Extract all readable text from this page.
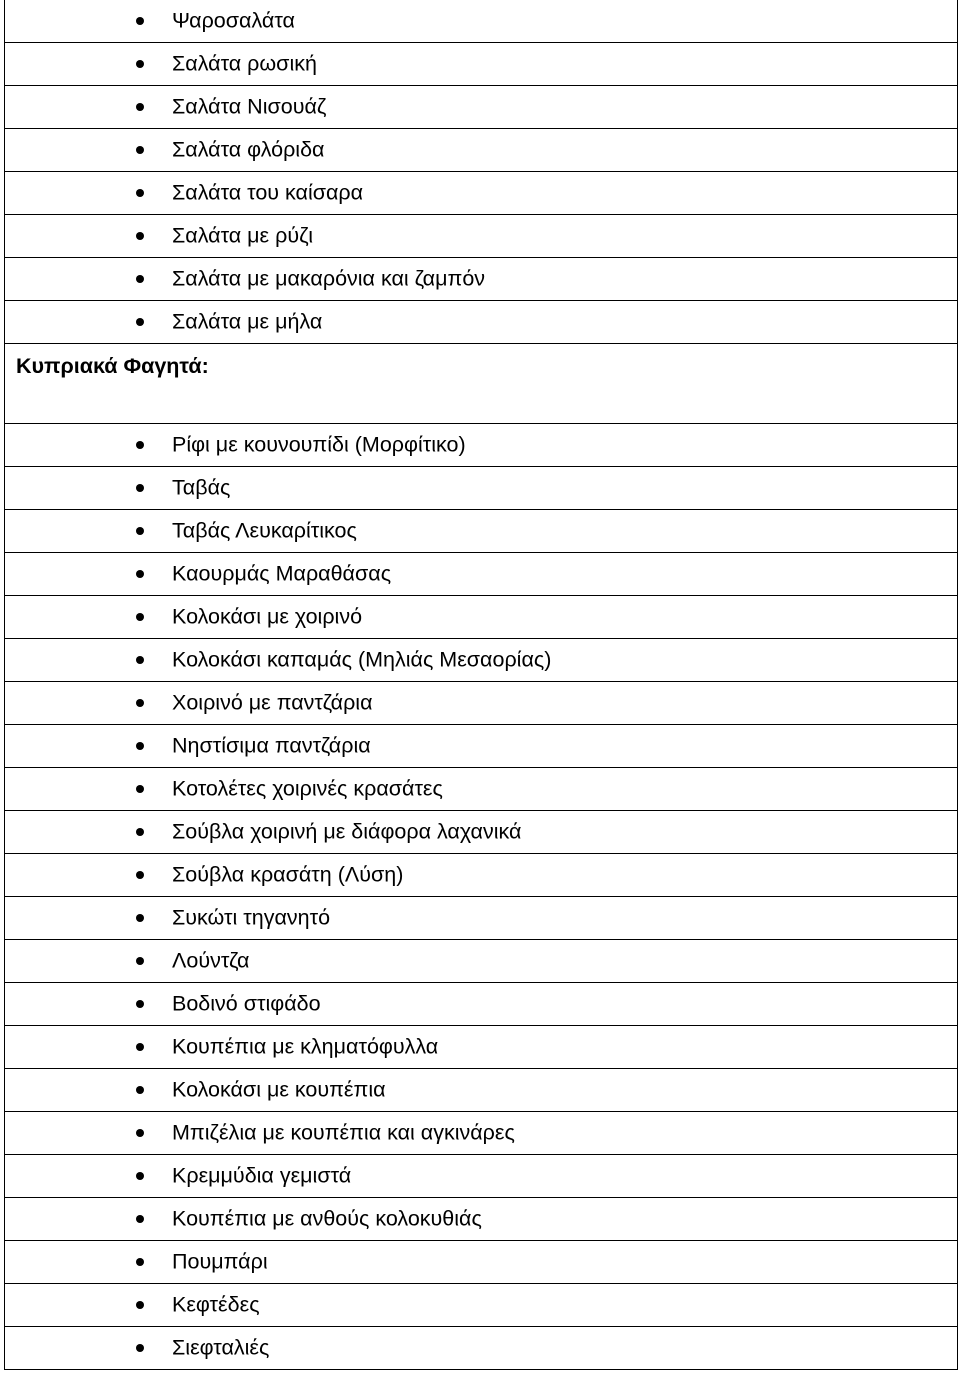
Ψαροσαλάτα

Σαλάτα ρωσική

Σαλάτα Νισουάζ

Σαλάτα φλόριδα

Σαλάτα του καίσαρα

Σαλάτα με ρύζι

Σαλάτα με μακαρόνια και ζαμπόν

Σαλάτα με μήλα

Κυπριακά Φαγητά:

Ρίφι με κουνουπίδι (Μορφίτικο)

Ταβάς

Ταβάς Λευκαρίτικος

Καουρμάς Μαραθάσας

Κολοκάσι με χοιρινό

Κολοκάσι καπαμάς (Μηλιάς Μεσαορίας)

Χοιρινό με παντζάρια

Νηστίσιμα παντζάρια

Κοτολέτες χοιρινές κρασάτες

Σούβλα χοιρινή με διάφορα λαχανικά

Σούβλα κρασάτη (Λύση)

Συκώτι τηγανητό

Λούντζα

Βοδινό στιφάδο

Κουπέπια με κληματόφυλλα

Κολοκάσι με κουπέπια

Μπιζέλια με κουπέπια και αγκινάρες

Κρεμμύδια γεμιστά

Κουπέπια με ανθούς κολοκυθιάς

Πουμπάρι

Κεφτέδες

Σιεφταλιές
